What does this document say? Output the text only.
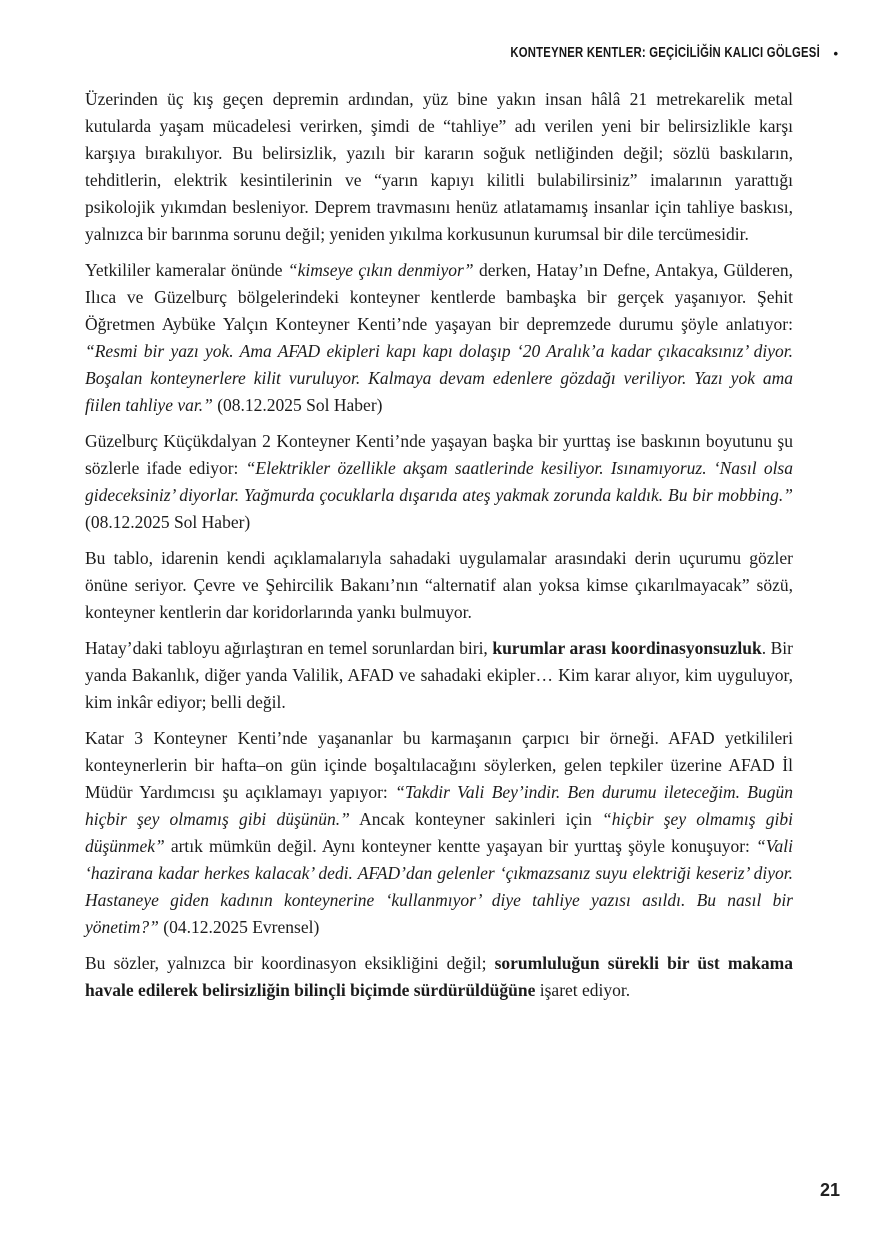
KONTEYNER KENTLER: GEÇİCİLİĞİN KALICI GÖLGESİ •

Üzerinden üç kış geçen depremin ardından, yüz bine yakın insan hâlâ 21 metrekarelik metal kutularda yaşam mücadelesi verirken, şimdi de “tahliye” adı verilen yeni bir belirsizlikle karşı karşıya bırakılıyor. Bu belirsizlik, yazılı bir kararın soğuk netliğinden değil; sözlü baskıların, tehditlerin, elektrik kesintilerinin ve “yarın kapıyı kilitli bulabilirsiniz” imalarının yarattığı psikolojik yıkımdan besleniyor. Deprem travmasını henüz atlatamamış insanlar için tahliye baskısı, yalnızca bir barınma sorunu değil; yeniden yıkılma korkusunun kurumsal bir dile tercümesidir.

Yetkililer kameralar önünde “kimseye çıkın denmiyor” derken, Hatay’ın Defne, Antakya, Gülderen, Ilıca ve Güzelburç bölgelerindeki konteyner kentlerde bambaşka bir gerçek yaşanıyor. Şehit Öğretmen Aybüke Yalçın Konteyner Kenti’nde yaşayan bir depremzede durumu şöyle anlatıyor: “Resmi bir yazı yok. Ama AFAD ekipleri kapı kapı dolaşıp ‘20 Aralık’a kadar çıkacaksınız’ diyor. Boşalan konteynerlere kilit vuruluyor. Kalmaya devam edenlere gözdağı veriliyor. Yazı yok ama fiilen tahliye var.” (08.12.2025 Sol Haber)

Güzelburç Küçükdalyan 2 Konteyner Kenti’nde yaşayan başka bir yurttaş ise baskının boyutunu şu sözlerle ifade ediyor: “Elektrikler özellikle akşam saatlerinde kesiliyor. Isınamıyoruz. ‘Nasıl olsa gideceksiniz’ diyorlar. Yağmurda çocuklarla dışarıda ateş yakmak zorunda kaldık. Bu bir mobbing.” (08.12.2025 Sol Haber)

Bu tablo, idarenin kendi açıklamalarıyla sahadaki uygulamalar arasındaki derin uçurumu gözler önüne seriyor. Çevre ve Şehircilik Bakanı’nın “alternatif alan yoksa kimse çıkarılmayacak” sözü, konteyner kentlerin dar koridorlarında yankı bulmuyor.

Hatay’daki tabloyu ağırlaştıran en temel sorunlardan biri, kurumlar arası koordinasyonsuzluk. Bir yanda Bakanlık, diğer yanda Valilik, AFAD ve sahadaki ekipler… Kim karar alıyor, kim uyguluyor, kim inkâr ediyor; belli değil.

Katar 3 Konteyner Kenti’nde yaşananlar bu karmaşanın çarpıcı bir örneği. AFAD yetkilileri konteynerlerin bir hafta–on gün içinde boşaltılacağını söylerken, gelen tepkiler üzerine AFAD İl Müdür Yardımcısı şu açıklamayı yapıyor: “Takdir Vali Bey’indir. Ben durumu ileteceğim. Bugün hiçbir şey olmamış gibi düşünün.” Ancak konteyner sakinleri için “hiçbir şey olmamış gibi düşünmek” artık mümkün değil. Aynı konteyner kentte yaşayan bir yurttaş şöyle konuşuyor: “Vali ‘hazirana kadar herkes kalacak’ dedi. AFAD’dan gelenler ‘çıkmazsanız suyu elektriği keseriz’ diyor. Hastaneye giden kadının konteynerine ‘kullanmıyor’ diye tahliye yazısı asıldı. Bu nasıl bir yönetim?” (04.12.2025 Evrensel)

Bu sözler, yalnızca bir koordinasyon eksikliğini değil; sorumluluğun sürekli bir üst makama havale edilerek belirsizliğin bilinçli biçimde sürdürüldüğüne işaret ediyor.

21
